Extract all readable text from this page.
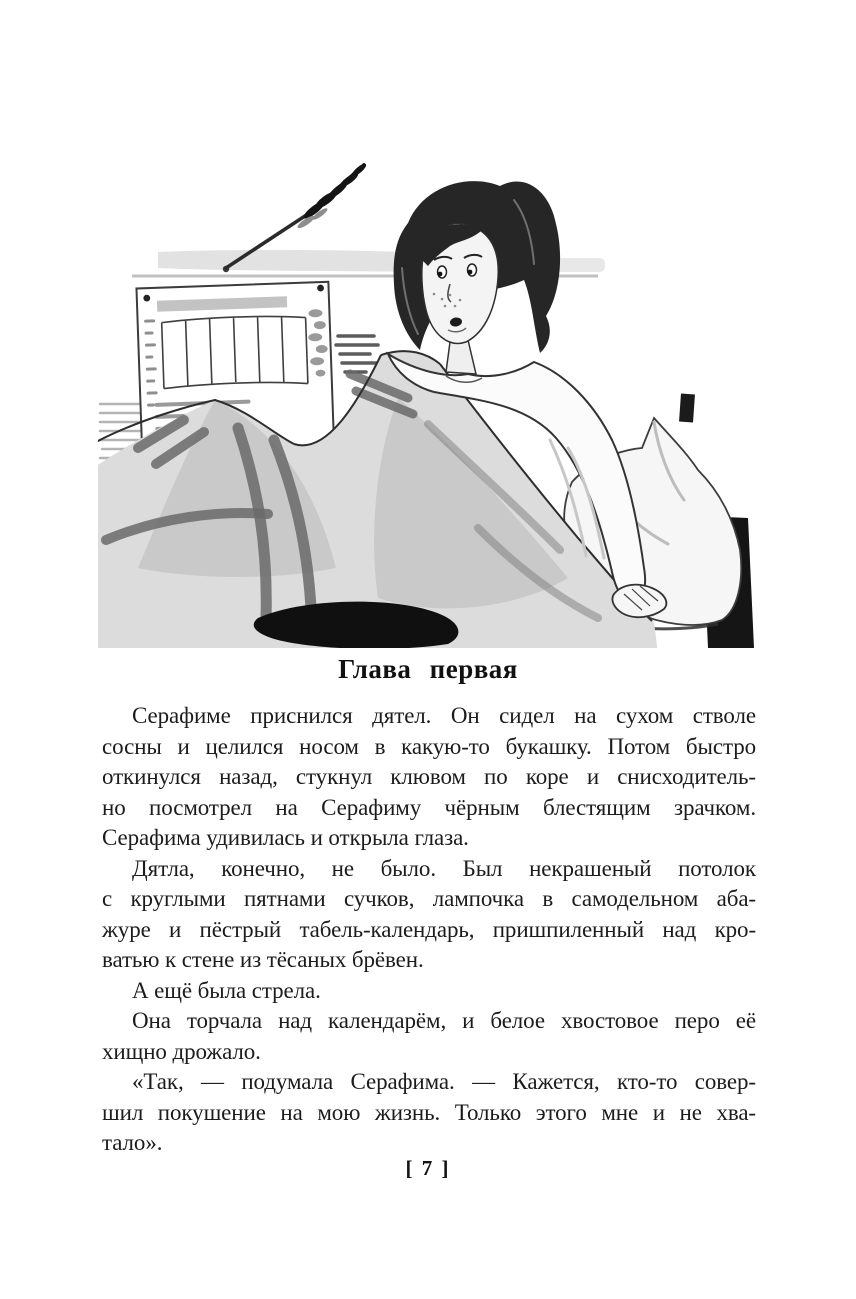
Глава первая
Серафиме приснился дятел. Он сидел на сухом стволе
сосны и целился носом в какую-то букашку. Потом быстро
откинулся назад, стукнул клювом по коре и снисходитель-
но посмотрел на Серафиму чёрным блестящим зрачком.
Серафима удивилась и открыла глаза.
Дятла, конечно, не было. Был некрашеный потолок
с круглыми пятнами сучков, лампочка в самодельном аба-
журе и пёстрый табель-календарь, пришпиленный над кро-
ватью к стене из тёсаных брёвен.
А ещё была стрела.
Она торчала над календарём, и белое хвостовое перо её
хищно дрожало.
«Так, — подумала Серафима. — Кажется, кто-то совер-
шил покушение на мою жизнь. Только этого мне и не хва-
тало».
[ 7 ]
